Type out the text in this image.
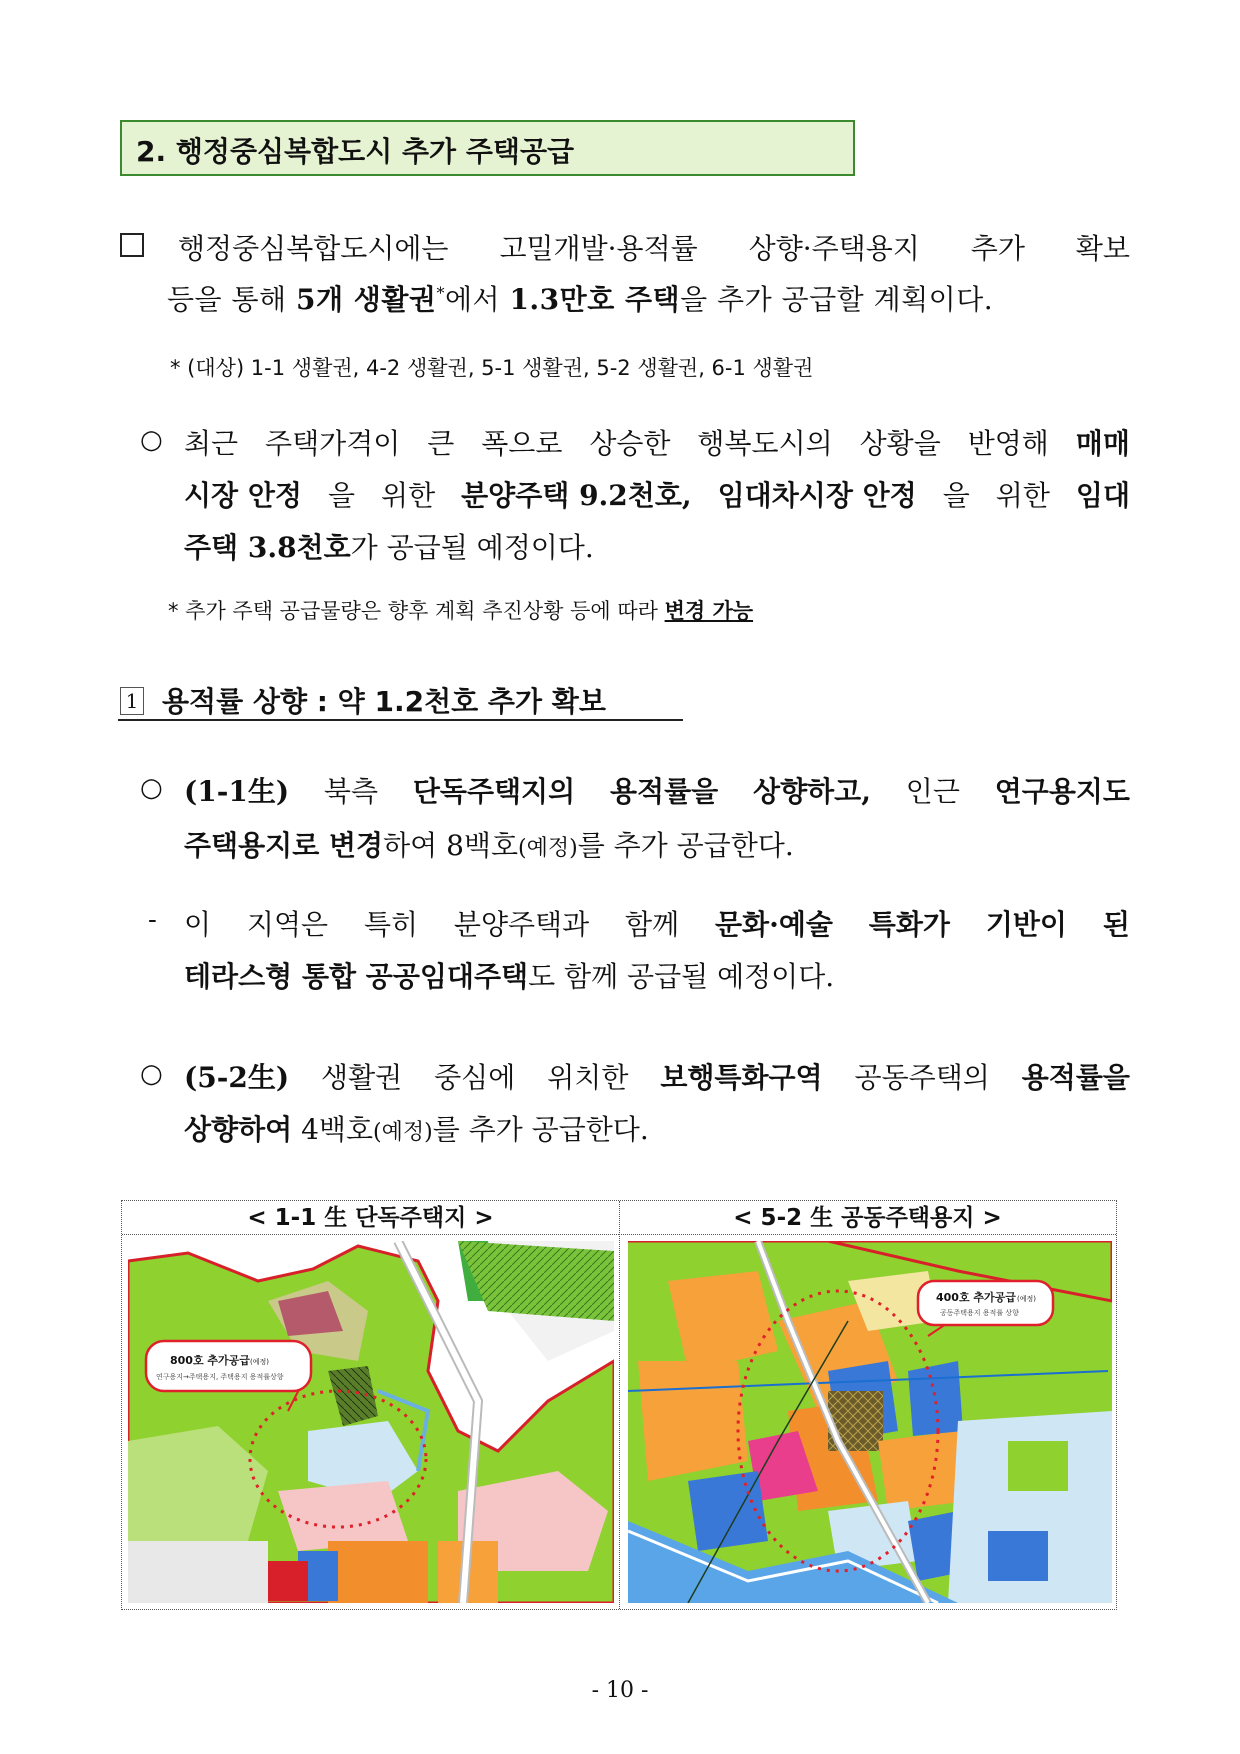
2. 행정중심복합도시 추가 주택공급
행정중심복합도시에는 고밀개발·용적률 상향·주택용지 추가 확보
등을 통해 5개 생활권*에서 1.3만호 주택을 추가 공급할 계획이다.
* (대상) 1-1 생활권, 4-2 생활권, 5-1 생활권, 5-2 생활권, 6-1 생활권
○ 최근 주택가격이 큰 폭으로 상승한 행복도시의 상황을 반영해 매매
시장 안정 을 위한 분양주택 9.2천호, 임대차시장 안정 을 위한 임대
주택 3.8천호가 공급될 예정이다.
* 추가 주택 공급물량은 향후 계획 추진상황 등에 따라 변경 가능
1 용적률 상향 : 약 1.2천호 추가 확보
○ (1-1生) 북측 단독주택지의 용적률을 상향하고, 인근 연구용지도
주택용지로 변경하여 8백호(예정)를 추가 공급한다.
- 이 지역은 특히 분양주택과 함께 문화·예술 특화가 기반이 된
테라스형 통합 공공임대주택도 함께 공급될 예정이다.
○ (5-2生) 생활권 중심에 위치한 보행특화구역 공동주택의 용적률을
상향하여 4백호(예정)를 추가 공급한다.
< 1-1 生 단독주택지 >	< 5-2 生 공동주택용지 >
800호 추가공급 (예정)
연구용지→주택용지, 주택용지 용적률상향
400호 추가공급 (예정)
공동주택용지 용적률 상향
- 10 -
